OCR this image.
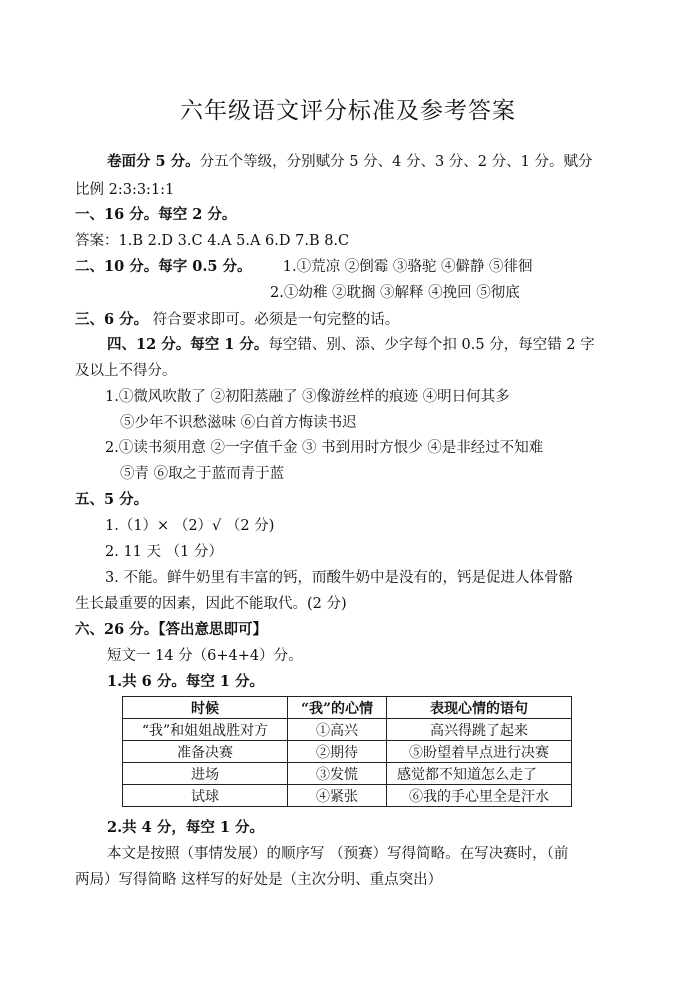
六年级语文评分标准及参考答案
卷面分 5 分。分五个等级，分别赋分 5 分、4 分、3 分、2 分、1 分。赋分
比例 2:3:3:1:1
一、16 分。每空 2 分。
答案：1.B 2.D 3.C 4.A 5.A 6.D 7.B 8.C
二、10 分。每字 0.5 分。 1.①荒凉 ②倒霉 ③骆驼 ④僻静 ⑤徘徊
2.①幼稚 ②耽搁 ③解释 ④挽回 ⑤彻底
三、6 分。 符合要求即可。必须是一句完整的话。
四、12 分。每空 1 分。每空错、别、添、少字每个扣 0.5 分，每空错 2 字
及以上不得分。
1.①微风吹散了 ②初阳蒸融了 ③像游丝样的痕迹 ④明日何其多
⑤少年不识愁滋味 ⑥白首方悔读书迟
2.①读书须用意 ②一字值千金 ③ 书到用时方恨少 ④是非经过不知难
⑤青 ⑥取之于蓝而青于蓝
五、5 分。
1.（1）× （2）√ （2 分)
2. 11 天 （1 分）
3. 不能。鲜牛奶里有丰富的钙，而酸牛奶中是没有的，钙是促进人体骨骼
生长最重要的因素，因此不能取代。(2 分)
六、26 分。【答出意思即可】
短文一 14 分（6+4+4）分。
1.共 6 分。每空 1 分。
时候	“我”的心情	表现心情的语句
“我”和姐姐战胜对方	①高兴	高兴得跳了起来
准备决赛	②期待	⑤盼望着早点进行决赛
进场	③发慌	感觉都不知道怎么走了
试球	④紧张	⑥我的手心里全是汗水
2.共 4 分，每空 1 分。
本文是按照（事情发展）的顺序写 （预赛）写得简略。在写决赛时，（前
两局）写得简略 这样写的好处是（主次分明、重点突出）
